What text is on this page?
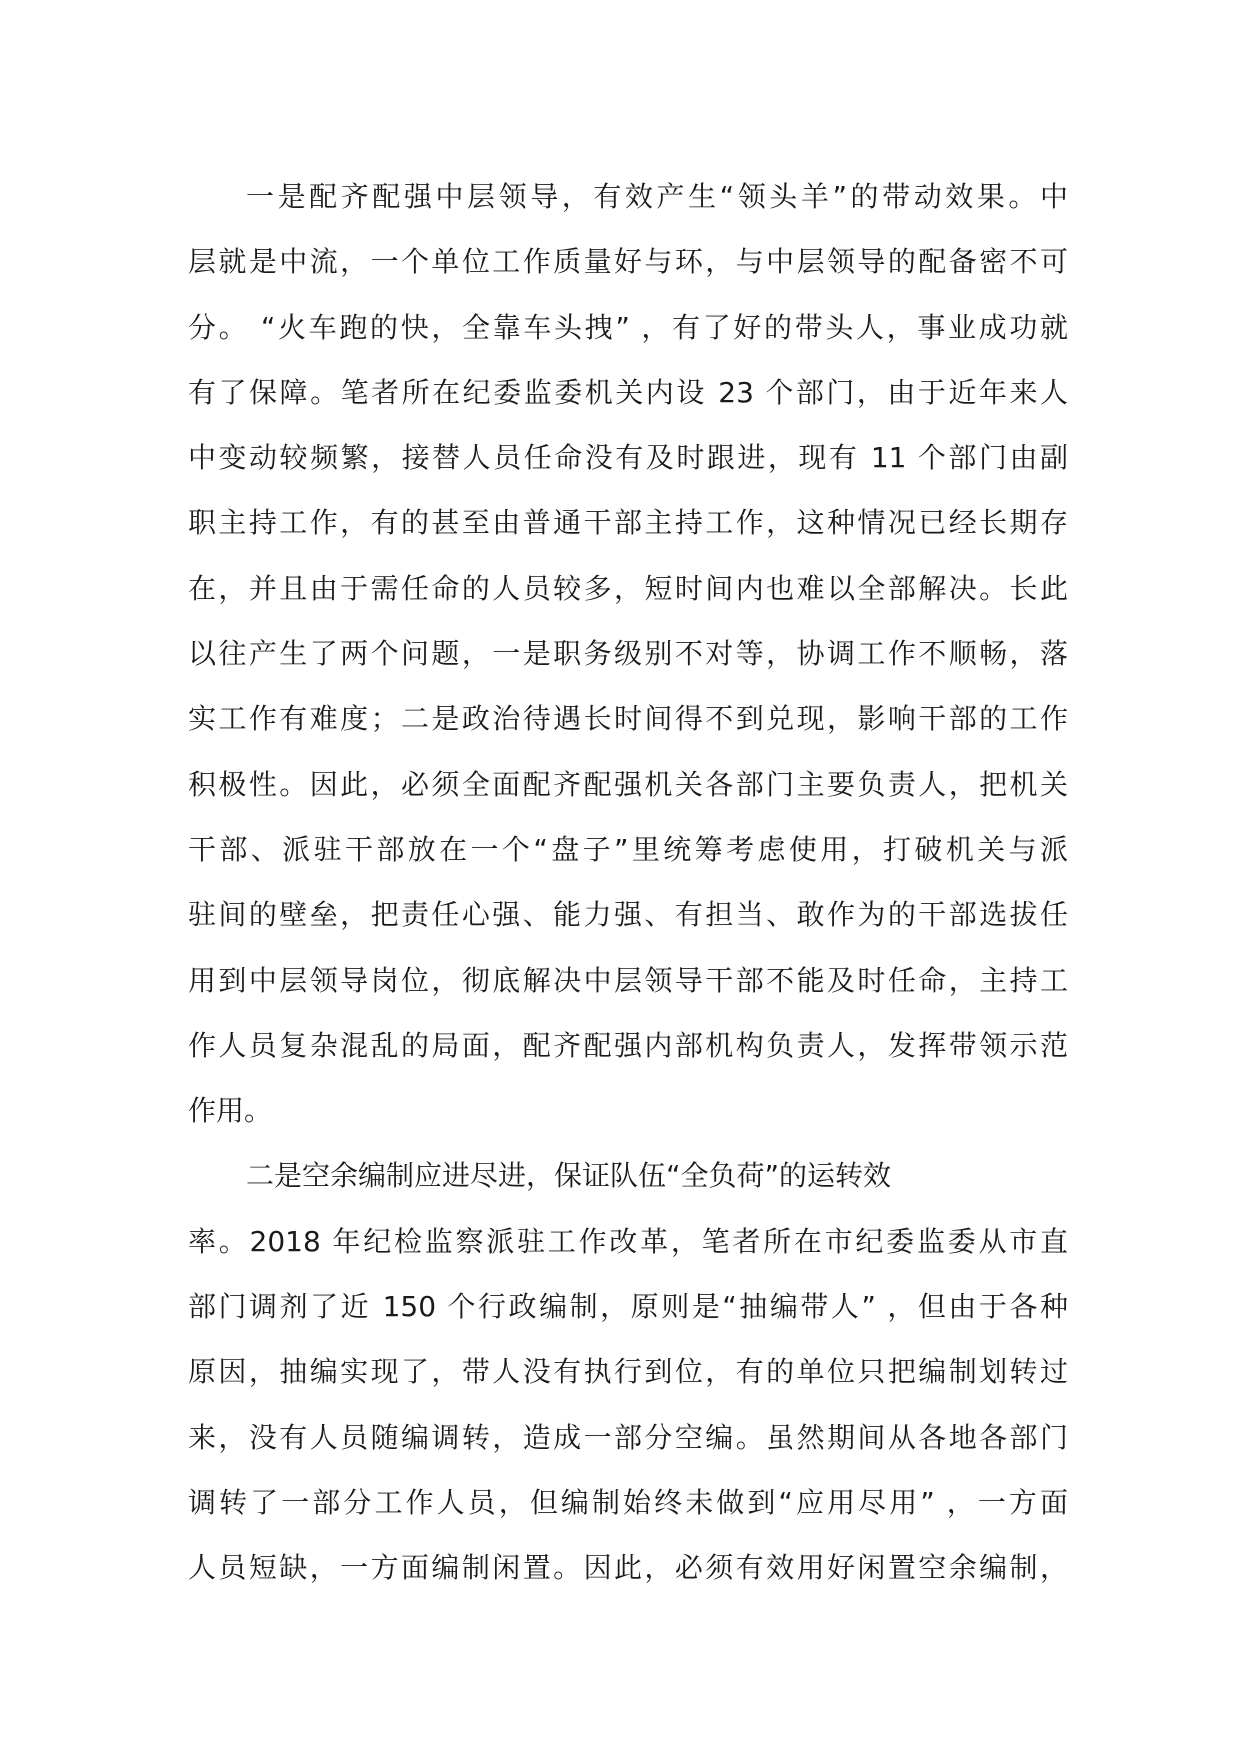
一是配齐配强中层领导，有效产生“领头羊”的带动效果。中
层就是中流，一个单位工作质量好与环，与中层领导的配备密不可
分。 “火车跑的快，全靠车头拽” ，有了好的带头人，事业成功就
有了保障。笔者所在纪委监委机关内设 23 个部门，由于近年来人
中变动较频繁，接替人员任命没有及时跟进，现有 11 个部门由副
职主持工作，有的甚至由普通干部主持工作，这种情况已经长期存
在，并且由于需任命的人员较多，短时间内也难以全部解决。长此
以往产生了两个问题，一是职务级别不对等，协调工作不顺畅，落
实工作有难度；二是政治待遇长时间得不到兑现，影响干部的工作
积极性。因此，必须全面配齐配强机关各部门主要负责人，把机关
干部、派驻干部放在一个“盘子”里统筹考虑使用，打破机关与派
驻间的壁垒，把责任心强、能力强、有担当、敢作为的干部选拔任
用到中层领导岗位，彻底解决中层领导干部不能及时任命，主持工
作人员复杂混乱的局面，配齐配强内部机构负责人，发挥带领示范
作用。
二是空余编制应进尽进，保证队伍“全负荷”的运转效
率。2018 年纪检监察派驻工作改革，笔者所在市纪委监委从市直
部门调剂了近 150 个行政编制，原则是“抽编带人” ，但由于各种
原因，抽编实现了，带人没有执行到位，有的单位只把编制划转过
来，没有人员随编调转，造成一部分空编。虽然期间从各地各部门
调转了一部分工作人员，但编制始终未做到“应用尽用” ，一方面
人员短缺，一方面编制闲置。因此，必须有效用好闲置空余编制，
